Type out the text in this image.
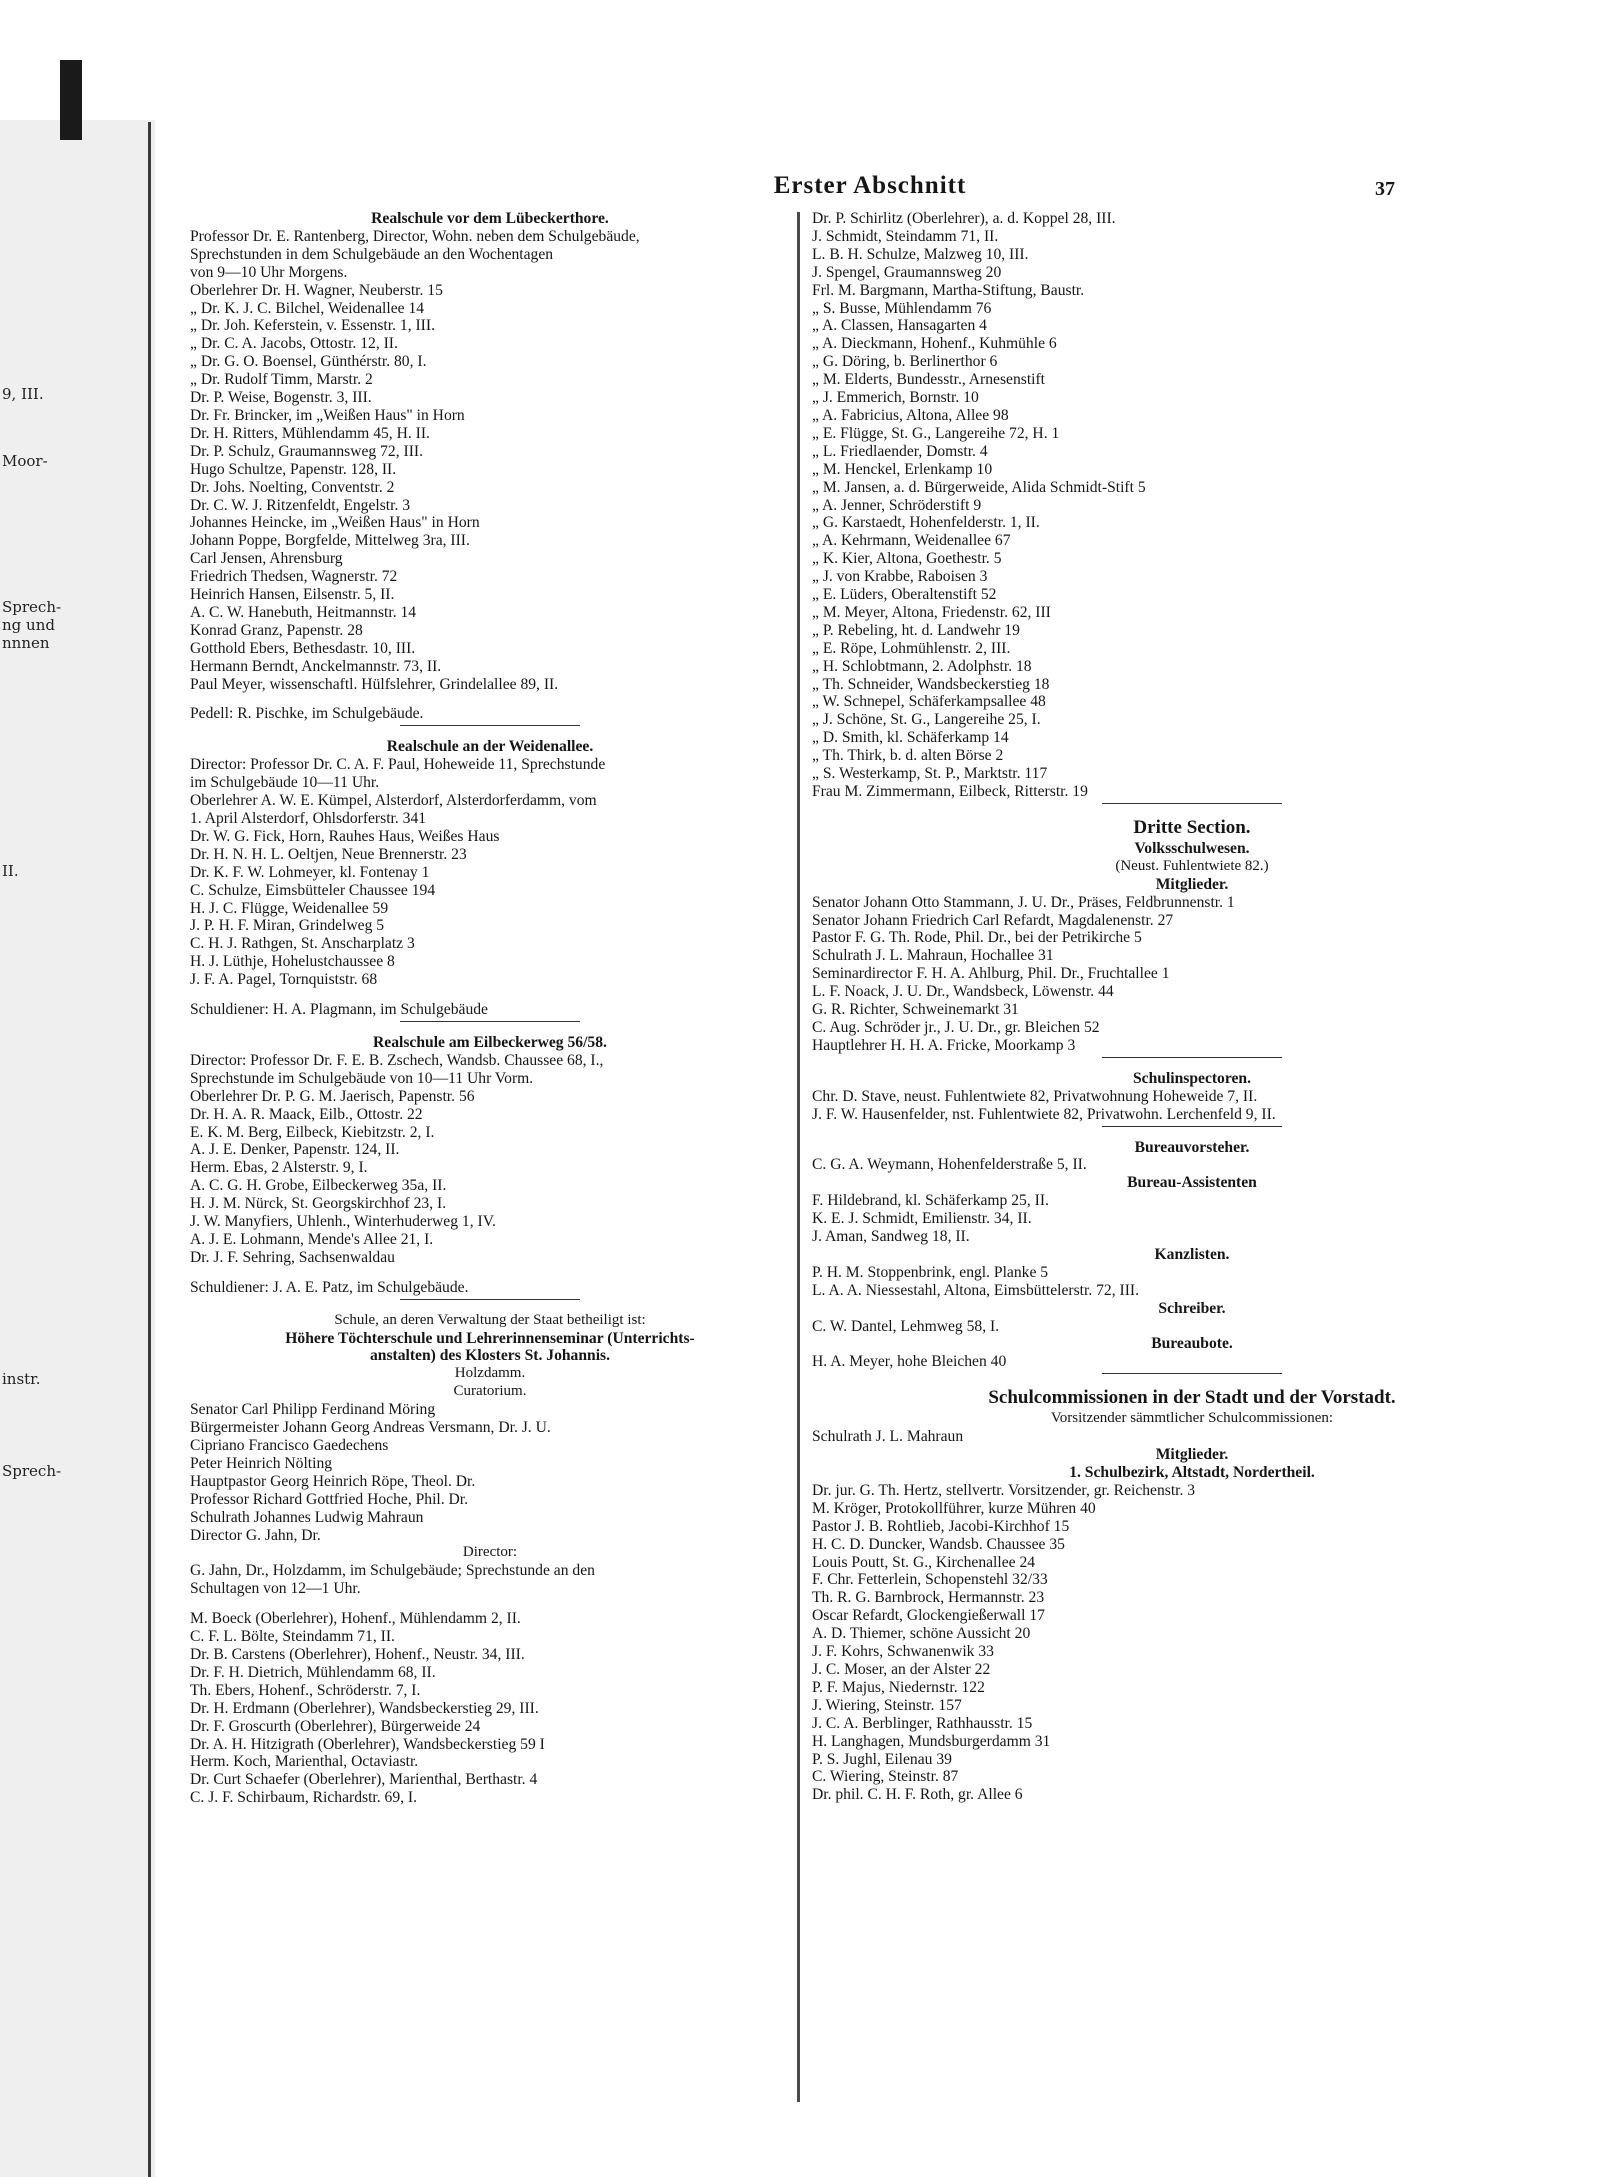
9, III.
Moor-
Sprech-
ng und
nnnen
II.
instr.
Sprech-
Erster Abschnitt	37
Realschule vor dem Lübeckerthore.
Professor Dr. E. Rantenberg, Director, Wohn. neben dem Schulgebäude,
Sprechstunden in dem Schulgebäude an den Wochentagen
von 9—10 Uhr Morgens.
Oberlehrer Dr. H. Wagner, Neuberstr. 15
„ Dr. K. J. C. Bilchel, Weidenallee 14
„ Dr. Joh. Keferstein, v. Essenstr. 1, III.
„ Dr. C. A. Jacobs, Ottostr. 12, II.
„ Dr. G. O. Boensel, Günthérstr. 80, I.
„ Dr. Rudolf Timm, Marstr. 2
Dr. P. Weise, Bogenstr. 3, III.
Dr. Fr. Brincker, im „Weißen Haus" in Horn
Dr. H. Ritters, Mühlendamm 45, H. II.
Dr. P. Schulz, Graumannsweg 72, III.
Hugo Schultze, Papenstr. 128, II.
Dr. Johs. Noelting, Conventstr. 2
Dr. C. W. J. Ritzenfeldt, Engelstr. 3
Johannes Heincke, im „Weißen Haus" in Horn
Johann Poppe, Borgfelde, Mittelweg 3ra, III.
Carl Jensen, Ahrensburg
Friedrich Thedsen, Wagnerstr. 72
Heinrich Hansen, Eilsenstr. 5, II.
A. C. W. Hanebuth, Heitmannstr. 14
Konrad Granz, Papenstr. 28
Gotthold Ebers, Bethesdastr. 10, III.
Hermann Berndt, Anckelmannstr. 73, II.
Paul Meyer, wissenschaftl. Hülfslehrer, Grindelallee 89, II.
Pedell: R. Pischke, im Schulgebäude.
Realschule an der Weidenallee.
Director: Professor Dr. C. A. F. Paul, Hoheweide 11, Sprechstunde
im Schulgebäude 10—11 Uhr.
Oberlehrer A. W. E. Kümpel, Alsterdorf, Alsterdorferdamm, vom
1. April Alsterdorf, Ohlsdorferstr. 341
Dr. W. G. Fick, Horn, Rauhes Haus, Weißes Haus
Dr. H. N. H. L. Oeltjen, Neue Brennerstr. 23
Dr. K. F. W. Lohmeyer, kl. Fontenay 1
C. Schulze, Eimsbütteler Chaussee 194
H. J. C. Flügge, Weidenallee 59
J. P. H. F. Miran, Grindelweg 5
C. H. J. Rathgen, St. Anscharplatz 3
H. J. Lüthje, Hohelustchaussee 8
J. F. A. Pagel, Tornquiststr. 68
Schuldiener: H. A. Plagmann, im Schulgebäude
Realschule am Eilbeckerweg 56/58.
Director: Professor Dr. F. E. B. Zschech, Wandsb. Chaussee 68, I.,
Sprechstunde im Schulgebäude von 10—11 Uhr Vorm.
Oberlehrer Dr. P. G. M. Jaerisch, Papenstr. 56
Dr. H. A. R. Maack, Eilb., Ottostr. 22
E. K. M. Berg, Eilbeck, Kiebitzstr. 2, I.
A. J. E. Denker, Papenstr. 124, II.
Herm. Ebas, 2 Alsterstr. 9, I.
A. C. G. H. Grobe, Eilbeckerweg 35a, II.
H. J. M. Nürck, St. Georgskirchhof 23, I.
J. W. Manyfiers, Uhlenh., Winterhuderweg 1, IV.
A. J. E. Lohmann, Mende's Allee 21, I.
Dr. J. F. Sehring, Sachsenwaldau
Schuldiener: J. A. E. Patz, im Schulgebäude.
Schule, an deren Verwaltung der Staat betheiligt ist:
Höhere Töchterschule und Lehrerinnenseminar (Unterrichts-
anstalten) des Klosters St. Johannis.
Holzdamm.
Curatorium.
Senator Carl Philipp Ferdinand Möring
Bürgermeister Johann Georg Andreas Versmann, Dr. J. U.
Cipriano Francisco Gaedechens
Peter Heinrich Nölting
Hauptpastor Georg Heinrich Röpe, Theol. Dr.
Professor Richard Gottfried Hoche, Phil. Dr.
Schulrath Johannes Ludwig Mahraun
Director G. Jahn, Dr.
Director:
G. Jahn, Dr., Holzdamm, im Schulgebäude; Sprechstunde an den
Schultagen von 12—1 Uhr.
M. Boeck (Oberlehrer), Hohenf., Mühlendamm 2, II.
C. F. L. Bölte, Steindamm 71, II.
Dr. B. Carstens (Oberlehrer), Hohenf., Neustr. 34, III.
Dr. F. H. Dietrich, Mühlendamm 68, II.
Th. Ebers, Hohenf., Schröderstr. 7, I.
Dr. H. Erdmann (Oberlehrer), Wandsbeckerstieg 29, III.
Dr. F. Groscurth (Oberlehrer), Bürgerweide 24
Dr. A. H. Hitzigrath (Oberlehrer), Wandsbeckerstieg 59 I
Herm. Koch, Marienthal, Octaviastr.
Dr. Curt Schaefer (Oberlehrer), Marienthal, Berthastr. 4
C. J. F. Schirbaum, Richardstr. 69, I.
Dr. P. Schirlitz (Oberlehrer), a. d. Koppel 28, III.
J. Schmidt, Steindamm 71, II.
L. B. H. Schulze, Malzweg 10, III.
J. Spengel, Graumannsweg 20
Frl. M. Bargmann, Martha-Stiftung, Baustr.
„ S. Busse, Mühlendamm 76
„ A. Classen, Hansagarten 4
„ A. Dieckmann, Hohenf., Kuhmühle 6
„ G. Döring, b. Berlinerthor 6
„ M. Elderts, Bundesstr., Arnesenstift
„ J. Emmerich, Bornstr. 10
„ A. Fabricius, Altona, Allee 98
„ E. Flügge, St. G., Langereihe 72, H. 1
„ L. Friedlaender, Domstr. 4
„ M. Henckel, Erlenkamp 10
„ M. Jansen, a. d. Bürgerweide, Alida Schmidt-Stift 5
„ A. Jenner, Schröderstift 9
„ G. Karstaedt, Hohenfelderstr. 1, II.
„ A. Kehrmann, Weidenallee 67
„ K. Kier, Altona, Goethestr. 5
„ J. von Krabbe, Raboisen 3
„ E. Lüders, Oberaltenstift 52
„ M. Meyer, Altona, Friedenstr. 62, III
„ P. Rebeling, ht. d. Landwehr 19
„ E. Röpe, Lohmühlenstr. 2, III.
„ H. Schlobtmann, 2. Adolphstr. 18
„ Th. Schneider, Wandsbeckerstieg 18
„ W. Schnepel, Schäferkampsallee 48
„ J. Schöne, St. G., Langereihe 25, I.
„ D. Smith, kl. Schäferkamp 14
„ Th. Thirk, b. d. alten Börse 2
„ S. Westerkamp, St. P., Marktstr. 117
Frau M. Zimmermann, Eilbeck, Ritterstr. 19
Dritte Section.
Volksschulwesen.
(Neust. Fuhlentwiete 82.)
Mitglieder.
Senator Johann Otto Stammann, J. U. Dr., Präses, Feldbrunnenstr. 1
Senator Johann Friedrich Carl Refardt, Magdalenenstr. 27
Pastor F. G. Th. Rode, Phil. Dr., bei der Petrikirche 5
Schulrath J. L. Mahraun, Hochallee 31
Seminardirector F. H. A. Ahlburg, Phil. Dr., Fruchtallee 1
L. F. Noack, J. U. Dr., Wandsbeck, Löwenstr. 44
G. R. Richter, Schweinemarkt 31
C. Aug. Schröder jr., J. U. Dr., gr. Bleichen 52
Hauptlehrer H. H. A. Fricke, Moorkamp 3
Schulinspectoren.
Chr. D. Stave, neust. Fuhlentwiete 82, Privatwohnung Hoheweide 7, II.
J. F. W. Hausenfelder, nst. Fuhlentwiete 82, Privatwohn. Lerchenfeld 9, II.
Bureauvorsteher.
C. G. A. Weymann, Hohenfelderstraße 5, II.
Bureau-Assistenten
F. Hildebrand, kl. Schäferkamp 25, II.
K. E. J. Schmidt, Emilienstr. 34, II.
J. Aman, Sandweg 18, II.
Kanzlisten.
P. H. M. Stoppenbrink, engl. Planke 5
L. A. A. Niessestahl, Altona, Eimsbüttelerstr. 72, III.
Schreiber.
C. W. Dantel, Lehmweg 58, I.
Bureaubote.
H. A. Meyer, hohe Bleichen 40
Schulcommissionen in der Stadt und der Vorstadt.
Vorsitzender sämmtlicher Schulcommissionen:
Schulrath J. L. Mahraun
Mitglieder.
1. Schulbezirk, Altstadt, Nordertheil.
Dr. jur. G. Th. Hertz, stellvertr. Vorsitzender, gr. Reichenstr. 3
M. Kröger, Protokollführer, kurze Mühren 40
Pastor J. B. Rohtlieb, Jacobi-Kirchhof 15
H. C. D. Duncker, Wandsb. Chaussee 35
Louis Poutt, St. G., Kirchenallee 24
F. Chr. Fetterlein, Schopenstehl 32/33
Th. R. G. Barnbrock, Hermannstr. 23
Oscar Refardt, Glockengießerwall 17
A. D. Thiemer, schöne Aussicht 20
J. F. Kohrs, Schwanenwik 33
J. C. Moser, an der Alster 22
P. F. Majus, Niedernstr. 122
J. Wiering, Steinstr. 157
J. C. A. Berblinger, Rathhausstr. 15
H. Langhagen, Mundsburgerdamm 31
P. S. Jughl, Eilenau 39
C. Wiering, Steinstr. 87
Dr. phil. C. H. F. Roth, gr. Allee 6
